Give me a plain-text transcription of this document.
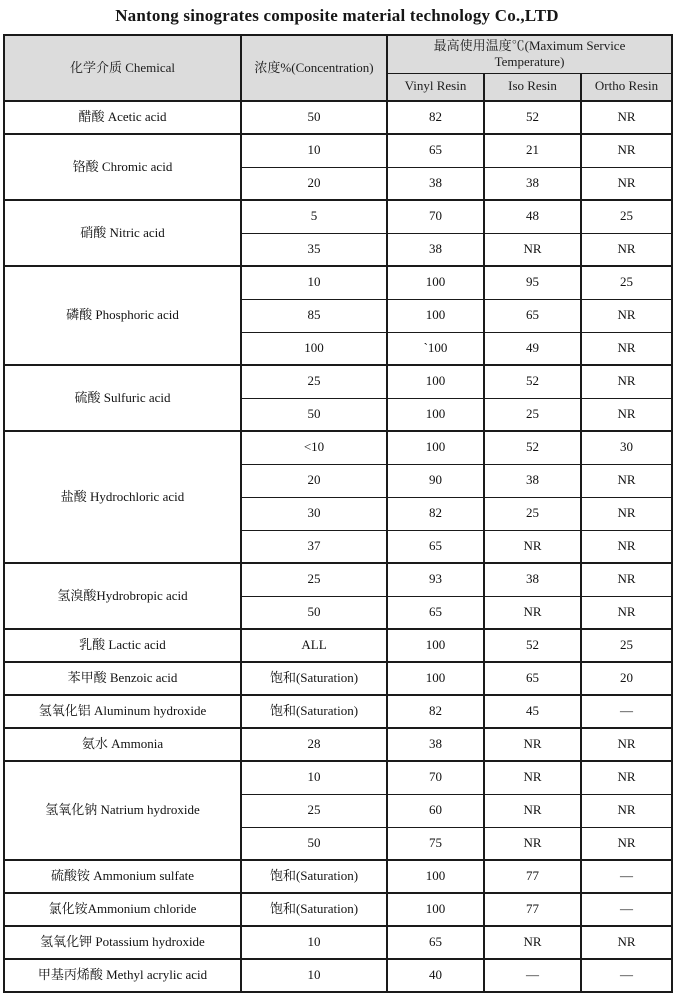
Nantong sinogrates composite material technology Co.,LTD
化学介质 Chemical	浓度%(Concentration)	最高使用温度℃(Maximum Service Temperature)		
		Vinyl Resin	Iso Resin	Ortho Resin
醋酸 Acetic acid	50	82	52	NR
铬酸 Chromic acid	10	65	21	NR
	20	38	38	NR
硝酸 Nitric acid	5	70	48	25
	35	38	NR	NR
磷酸 Phosphoric acid	10	100	95	25
	85	100	65	NR
	100	`100	49	NR
硫酸 Sulfuric acid	25	100	52	NR
	50	100	25	NR
盐酸 Hydrochloric acid	<10	100	52	30
	20	90	38	NR
	30	82	25	NR
	37	65	NR	NR
氢溴酸Hydrobropic acid	25	93	38	NR
	50	65	NR	NR
乳酸 Lactic acid	ALL	100	52	25
苯甲酸 Benzoic acid	饱和(Saturation)	100	65	20
氢氧化铝 Aluminum hydroxide	饱和(Saturation)	82	45	—
氨水 Ammonia	28	38	NR	NR
氢氧化钠 Natrium hydroxide	10	70	NR	NR
	25	60	NR	NR
	50	75	NR	NR
硫酸铵 Ammonium sulfate	饱和(Saturation)	100	77	—
氯化铵Ammonium chloride	饱和(Saturation)	100	77	—
氢氧化钾 Potassium hydroxide	10	65	NR	NR
甲基丙烯酸 Methyl acrylic acid	10	40	—	—
